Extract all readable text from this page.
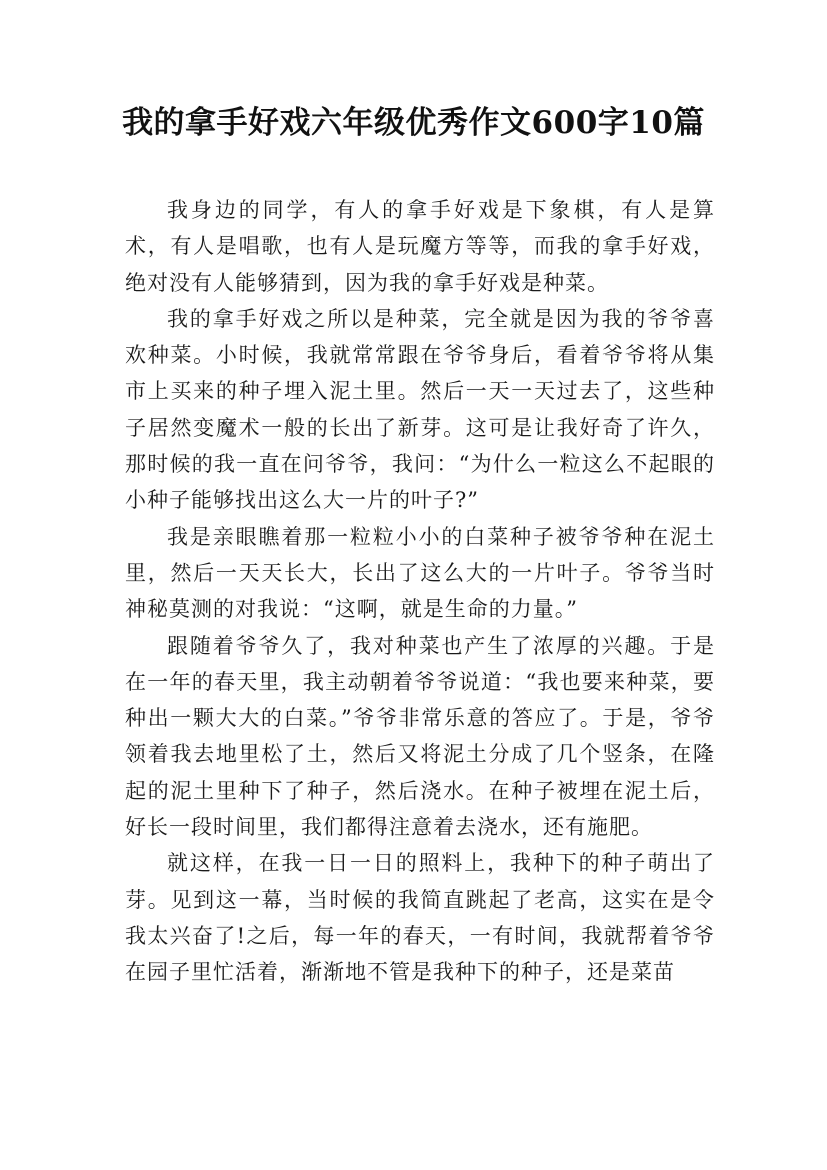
我的拿手好戏六年级优秀作文600字10篇

我身边的同学，有人的拿手好戏是下象棋，有人是算术，有人是唱歌，也有人是玩魔方等等，而我的拿手好戏，绝对没有人能够猜到，因为我的拿手好戏是种菜。

我的拿手好戏之所以是种菜，完全就是因为我的爷爷喜欢种菜。小时候，我就常常跟在爷爷身后，看着爷爷将从集市上买来的种子埋入泥土里。然后一天一天过去了，这些种子居然变魔术一般的长出了新芽。这可是让我好奇了许久，那时候的我一直在问爷爷，我问：“为什么一粒这么不起眼的小种子能够找出这么大一片的叶子?”

我是亲眼瞧着那一粒粒小小的白菜种子被爷爷种在泥土里，然后一天天长大，长出了这么大的一片叶子。爷爷当时神秘莫测的对我说：“这啊，就是生命的力量。”

跟随着爷爷久了，我对种菜也产生了浓厚的兴趣。于是在一年的春天里，我主动朝着爷爷说道：“我也要来种菜，要种出一颗大大的白菜。”爷爷非常乐意的答应了。于是，爷爷领着我去地里松了土，然后又将泥土分成了几个竖条，在隆起的泥土里种下了种子，然后浇水。在种子被埋在泥土后，好长一段时间里，我们都得注意着去浇水，还有施肥。

就这样，在我一日一日的照料上，我种下的种子萌出了芽。见到这一幕，当时候的我简直跳起了老高，这实在是令我太兴奋了!之后，每一年的春天，一有时间，我就帮着爷爷在园子里忙活着，渐渐地不管是我种下的种子，还是菜苗
